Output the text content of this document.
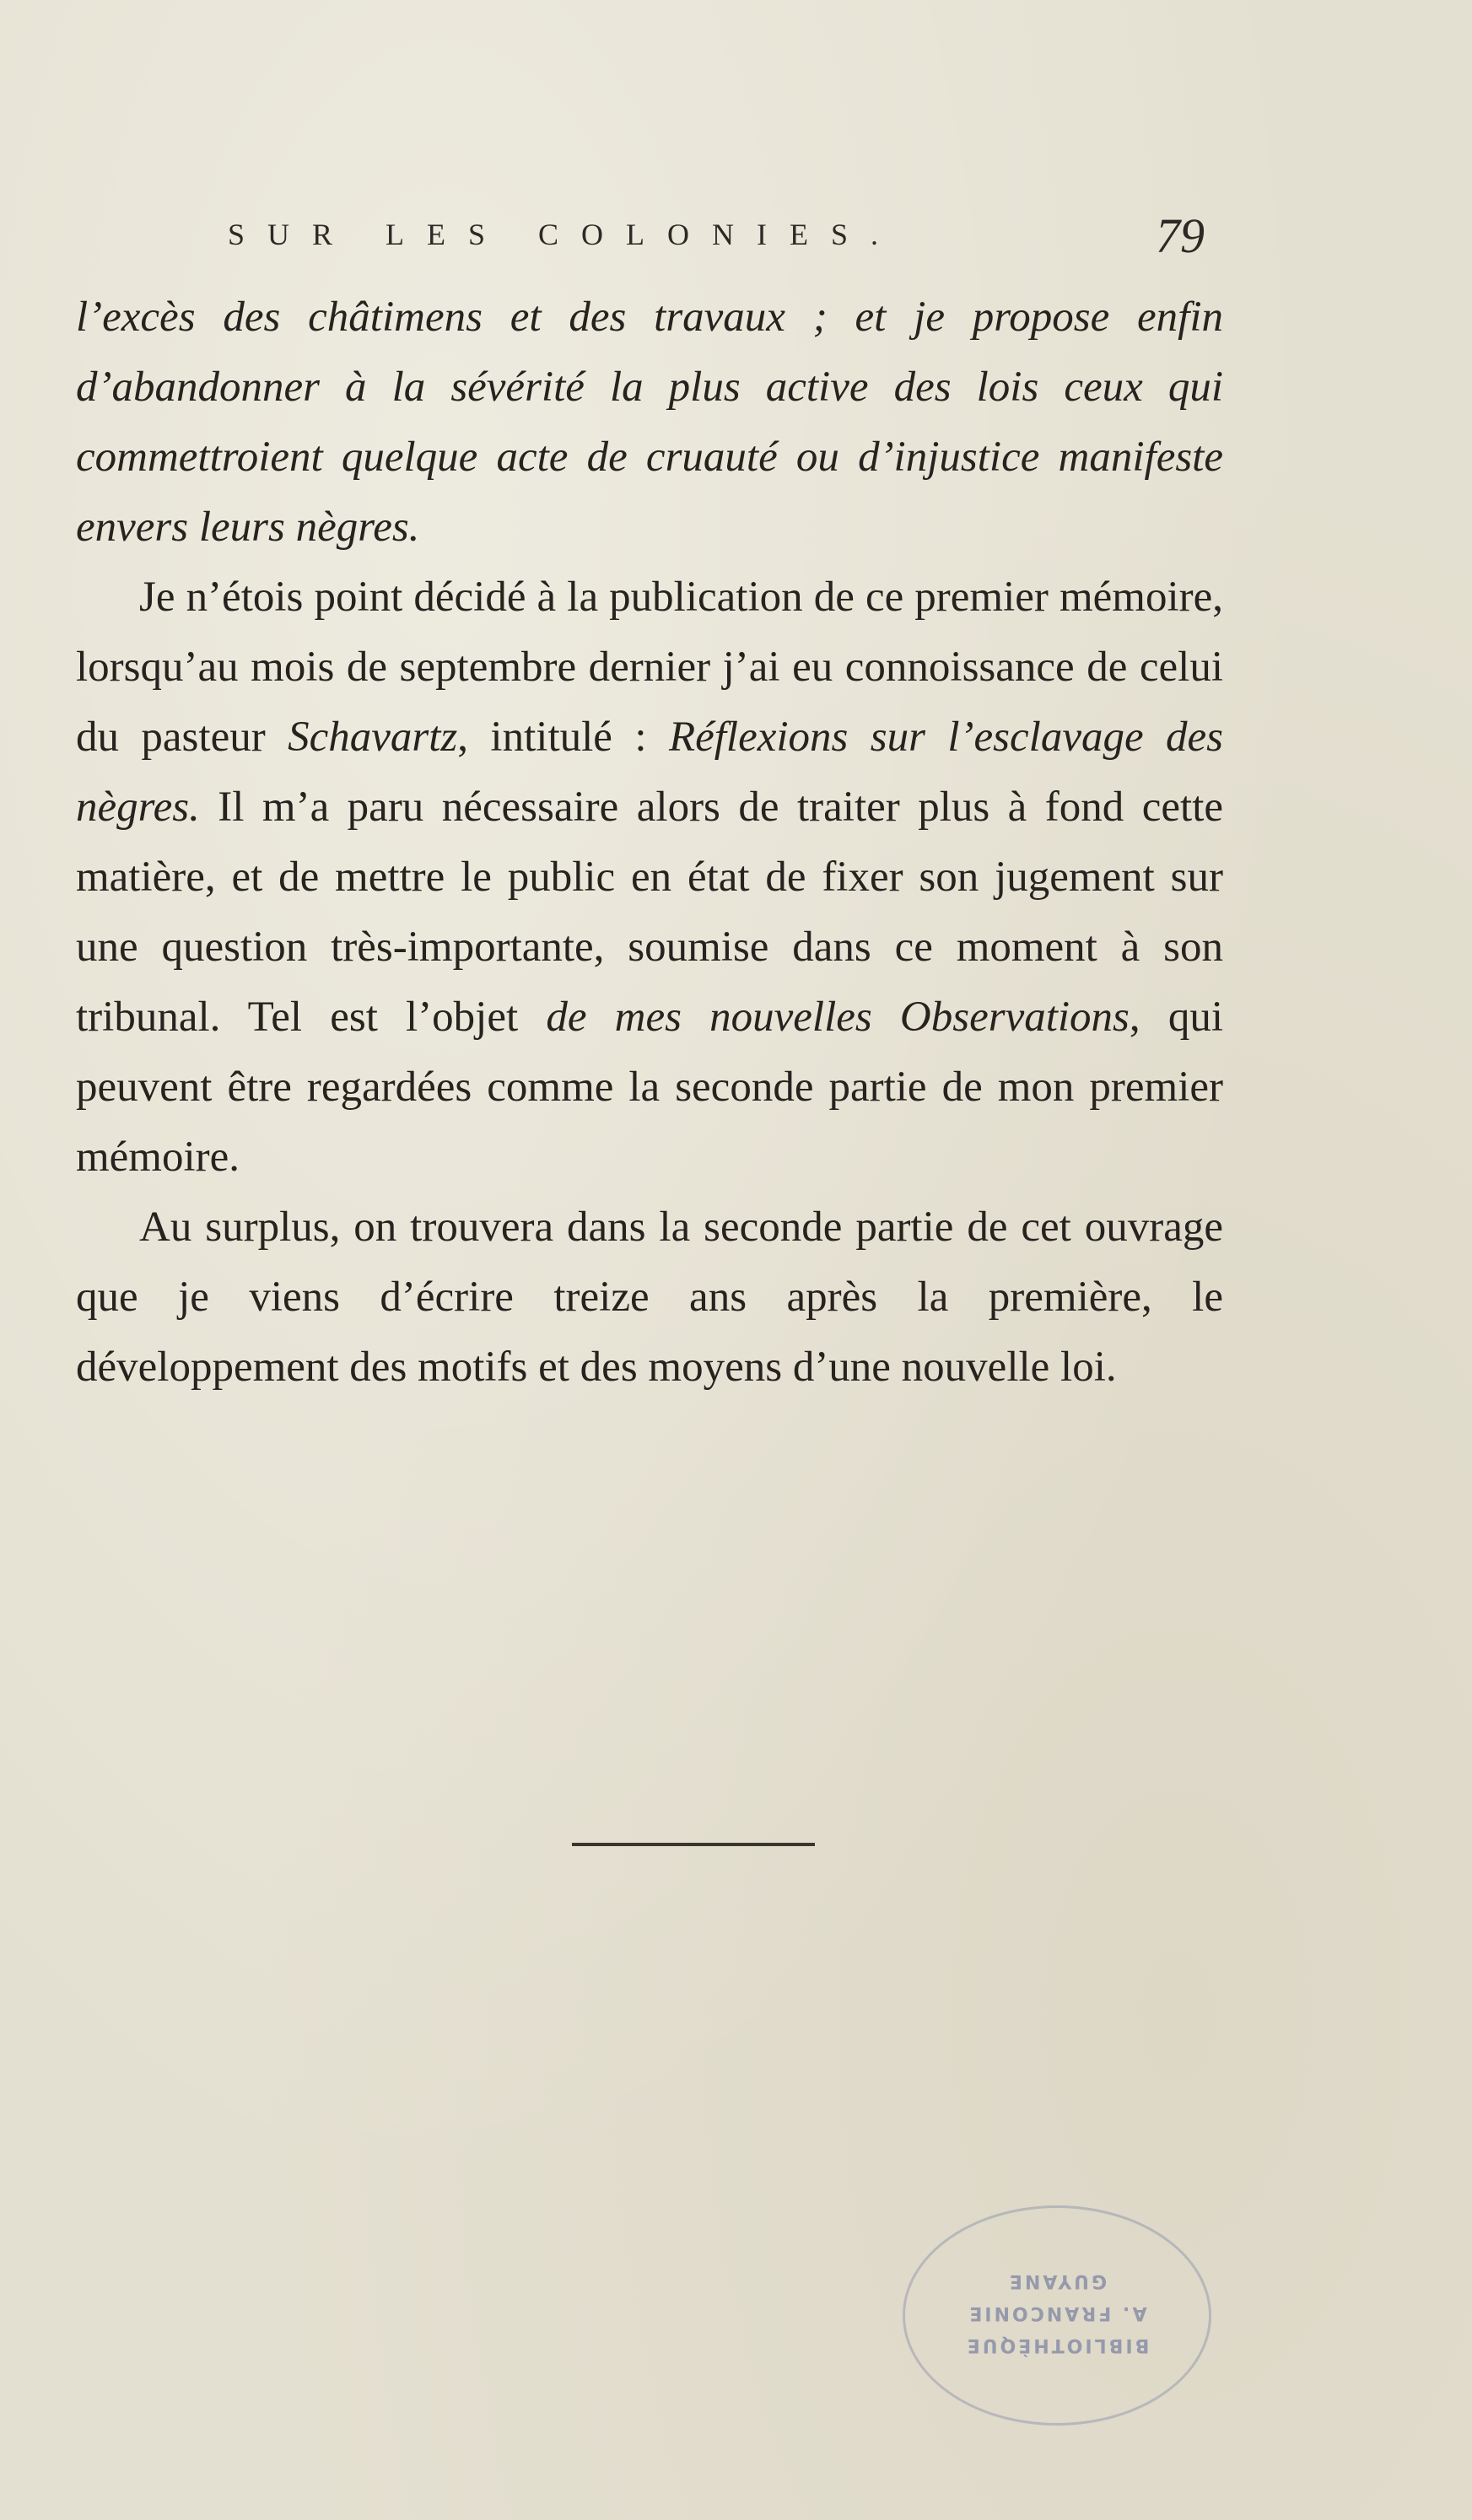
SUR LES COLONIES.	79

l’excès des châtimens et des travaux ; et je propose enfin d’abandonner à la sévérité la plus active des lois ceux qui commettroient quelque acte de cruauté ou d’injustice manifeste envers leurs nègres.

Je n’étois point décidé à la publication de ce premier mémoire, lorsqu’au mois de septembre dernier j’ai eu connoissance de celui du pasteur Schavartz, intitulé : Réflexions sur l’esclavage des nègres. Il m’a paru nécessaire alors de traiter plus à fond cette matière, et de mettre le public en état de fixer son jugement sur une question très-importante, soumise dans ce moment à son tribunal. Tel est l’objet de mes nouvelles Observations, qui peuvent être regardées comme la seconde partie de mon premier mémoire.

Au surplus, on trouvera dans la seconde partie de cet ouvrage que je viens d’écrire treize ans après la première, le développement des motifs et des moyens d’une nouvelle loi.

BIBLIOTHÈQUE
A. FRANCONIE
GUYANE
